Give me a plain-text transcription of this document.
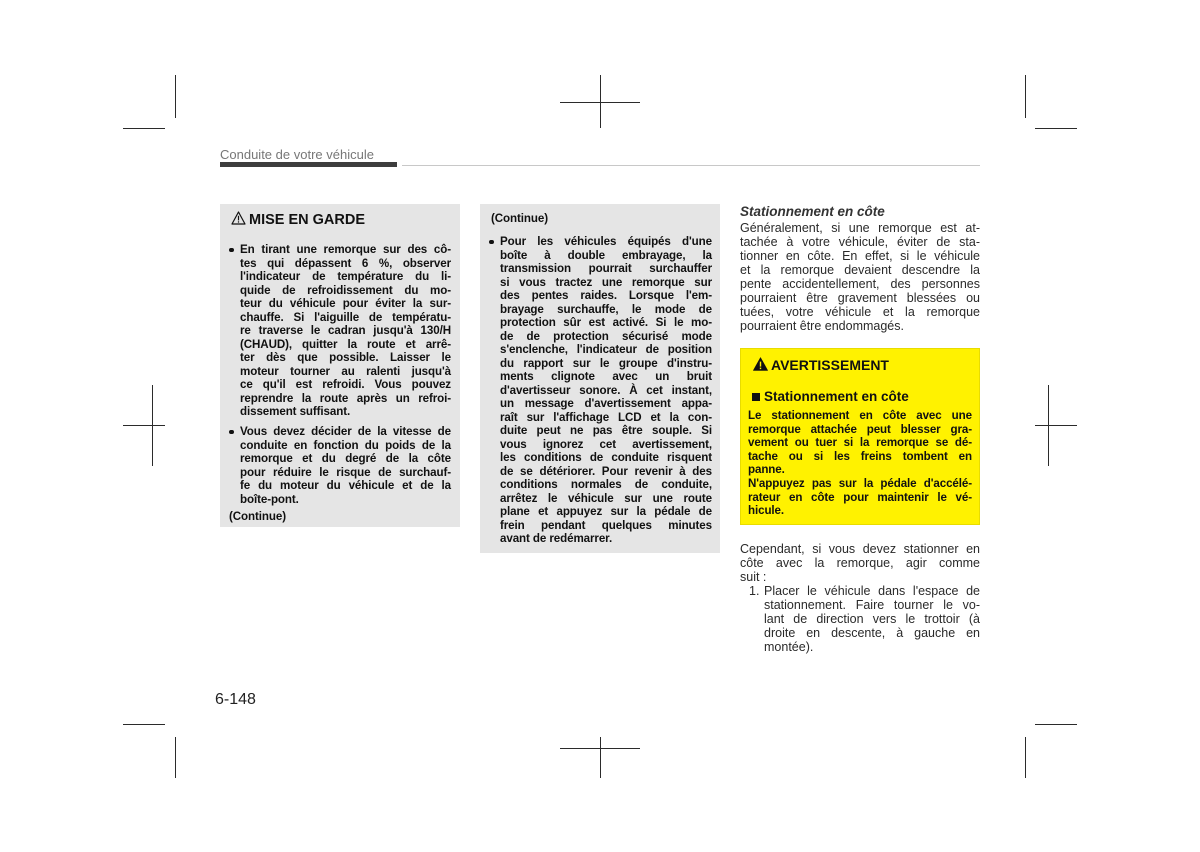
Conduite de votre véhicule
MISE EN GARDE
En tirant une remorque sur des cô-
tes qui dépassent 6 %, observer
l'indicateur de température du li-
quide de refroidissement du mo-
teur du véhicule pour éviter la sur-
chauffe. Si l'aiguille de températu-
re traverse le cadran jusqu'à 130/H
(CHAUD), quitter la route et arrê-
ter dès que possible. Laisser le
moteur tourner au ralenti jusqu'à
ce qu'il est refroidi. Vous pouvez
reprendre la route après un refroi-
dissement suffisant.
Vous devez décider de la vitesse de
conduite en fonction du poids de la
remorque et du degré de la côte
pour réduire le risque de surchauf-
fe du moteur du véhicule et de la
boîte-pont.
(Continue)
(Continue)
Pour les véhicules équipés d'une
boîte à double embrayage, la
transmission pourrait surchauffer
si vous tractez une remorque sur
des pentes raides. Lorsque l'em-
brayage surchauffe, le mode de
protection sûr est activé. Si le mo-
de de protection sécurisé mode
s'enclenche, l'indicateur de position
du rapport sur le groupe d'instru-
ments clignote avec un bruit
d'avertisseur sonore. À cet instant,
un message d'avertissement appa-
raît sur l'affichage LCD et la con-
duite peut ne pas être souple. Si
vous ignorez cet avertissement,
les conditions de conduite risquent
de se détériorer. Pour revenir à des
conditions normales de conduite,
arrêtez le véhicule sur une route
plane et appuyez sur la pédale de
frein pendant quelques minutes
avant de redémarrer.
Stationnement en côte
Généralement, si une remorque est at-
tachée à votre véhicule, éviter de sta-
tionner en côte. En effet, si le véhicule
et la remorque devaient descendre la
pente accidentellement, des personnes
pourraient être gravement blessées ou
tuées, votre véhicule et la remorque
pourraient être endommagés.
AVERTISSEMENT
Stationnement en côte
Le stationnement en côte avec une
remorque attachée peut blesser gra-
vement ou tuer si la remorque se dé-
tache ou si les freins tombent en
panne.
N'appuyez pas sur la pédale d'accélé-
rateur en côte pour maintenir le vé-
hicule.
Cependant, si vous devez stationner en
côte avec la remorque, agir comme
suit :
1. Placer le véhicule dans l'espace de
stationnement. Faire tourner le vo-
lant de direction vers le trottoir (à
droite en descente, à gauche en
montée).
6-148
